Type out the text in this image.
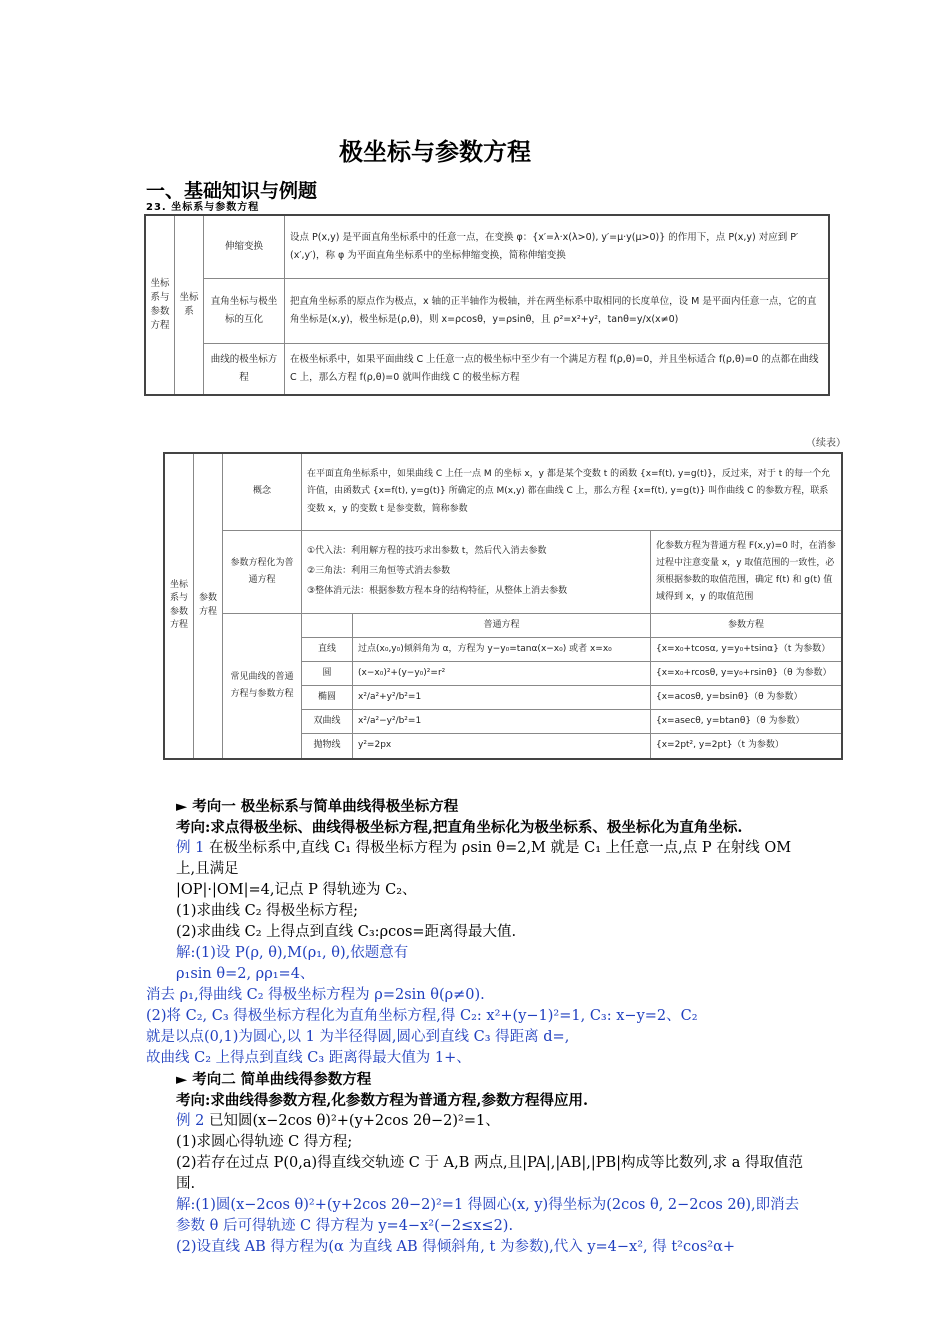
极坐标与参数方程
一、基础知识与例题
23. 坐标系与参数方程
坐标系与参数方程	坐标系	伸缩变换	设点 P(x,y) 是平面直角坐标系中的任意一点，在变换 φ：{x′=λ·x(λ>0), y′=μ·y(μ>0)} 的作用下，点 P(x,y) 对应到 P′(x′,y′)，称 φ 为平面直角坐标系中的坐标伸缩变换，简称伸缩变换
		直角坐标与极坐标的互化	把直角坐标系的原点作为极点，x 轴的正半轴作为极轴，并在两坐标系中取相同的长度单位，设 M 是平面内任意一点，它的直角坐标是(x,y)，极坐标是(ρ,θ)，则 x=ρcosθ，y=ρsinθ，且 ρ²=x²+y²，tanθ=y/x(x≠0)
		曲线的极坐标方程	在极坐标系中，如果平面曲线 C 上任意一点的极坐标中至少有一个满足方程 f(ρ,θ)=0，并且坐标适合 f(ρ,θ)=0 的点都在曲线 C 上，那么方程 f(ρ,θ)=0 就叫作曲线 C 的极坐标方程
（续表）
坐标系与参数方程	参数方程	概念	在平面直角坐标系中，如果曲线 C 上任一点 M 的坐标 x，y 都是某个变数 t 的函数 {x=f(t), y=g(t)}，反过来，对于 t 的每一个允许值，由函数式 {x=f(t), y=g(t)} 所确定的点 M(x,y) 都在曲线 C 上，那么方程 {x=f(t), y=g(t)} 叫作曲线 C 的参数方程，联系变数 x，y 的变数 t 是参变数，简称参数		
		参数方程化为普通方程	①代入法：利用解方程的技巧求出参数 t，然后代入消去参数
②三角法：利用三角恒等式消去参数
③整体消元法：根据参数方程本身的结构特征，从整体上消去参数		化参数方程为普通方程 F(x,y)=0 时，在消参过程中注意变量 x，y 取值范围的一致性，必须根据参数的取值范围，确定 f(t) 和 g(t) 值域得到 x，y 的取值范围
		常见曲线的普通方程与参数方程		普通方程	参数方程
			直线	过点(x₀,y₀)倾斜角为 α，方程为 y−y₀=tanα(x−x₀) 或者 x=x₀	{x=x₀+tcosα, y=y₀+tsinα}（t 为参数）
			圆	(x−x₀)²+(y−y₀)²=r²	{x=x₀+rcosθ, y=y₀+rsinθ}（θ 为参数）
			椭圆	x²/a²+y²/b²=1	{x=acosθ, y=bsinθ}（θ 为参数）
			双曲线	x²/a²−y²/b²=1	{x=asecθ, y=btanθ}（θ 为参数）
			抛物线	y²=2px	{x=2pt², y=2pt}（t 为参数）
► 考向一 极坐标系与简单曲线得极坐标方程
考向:求点得极坐标、曲线得极坐标方程,把直角坐标化为极坐标系、极坐标化为直角坐标.
例 1 在极坐标系中,直线 C₁ 得极坐标方程为 ρsin θ=2,M 就是 C₁ 上任意一点,点 P 在射线 OM 上,且满足
|OP|·|OM|=4,记点 P 得轨迹为 C₂、
(1)求曲线 C₂ 得极坐标方程;
(2)求曲线 C₂ 上得点到直线 C₃:ρcos=距离得最大值.
解:(1)设 P(ρ, θ),M(ρ₁, θ),依题意有
ρ₁sin θ=2, ρρ₁=4、
消去 ρ₁,得曲线 C₂ 得极坐标方程为 ρ=2sin θ(ρ≠0).
(2)将 C₂, C₃ 得极坐标方程化为直角坐标方程,得 C₂: x²+(y−1)²=1, C₃: x−y=2、C₂
就是以点(0,1)为圆心,以 1 为半径得圆,圆心到直线 C₃ 得距离 d=,
故曲线 C₂ 上得点到直线 C₃ 距离得最大值为 1+、
► 考向二 简单曲线得参数方程
考向:求曲线得参数方程,化参数方程为普通方程,参数方程得应用.
例 2 已知圆(x−2cos θ)²+(y+2cos 2θ−2)²=1、
(1)求圆心得轨迹 C 得方程;
(2)若存在过点 P(0,a)得直线交轨迹 C 于 A,B 两点,且|PA|,|AB|,|PB|构成等比数列,求 a 得取值范围.
解:(1)圆(x−2cos θ)²+(y+2cos 2θ−2)²=1 得圆心(x, y)得坐标为(2cos θ, 2−2cos 2θ),即消去参数 θ 后可得轨迹 C 得方程为 y=4−x²(−2≤x≤2).
(2)设直线 AB 得方程为(α 为直线 AB 得倾斜角, t 为参数),代入 y=4−x², 得 t²cos²α+
